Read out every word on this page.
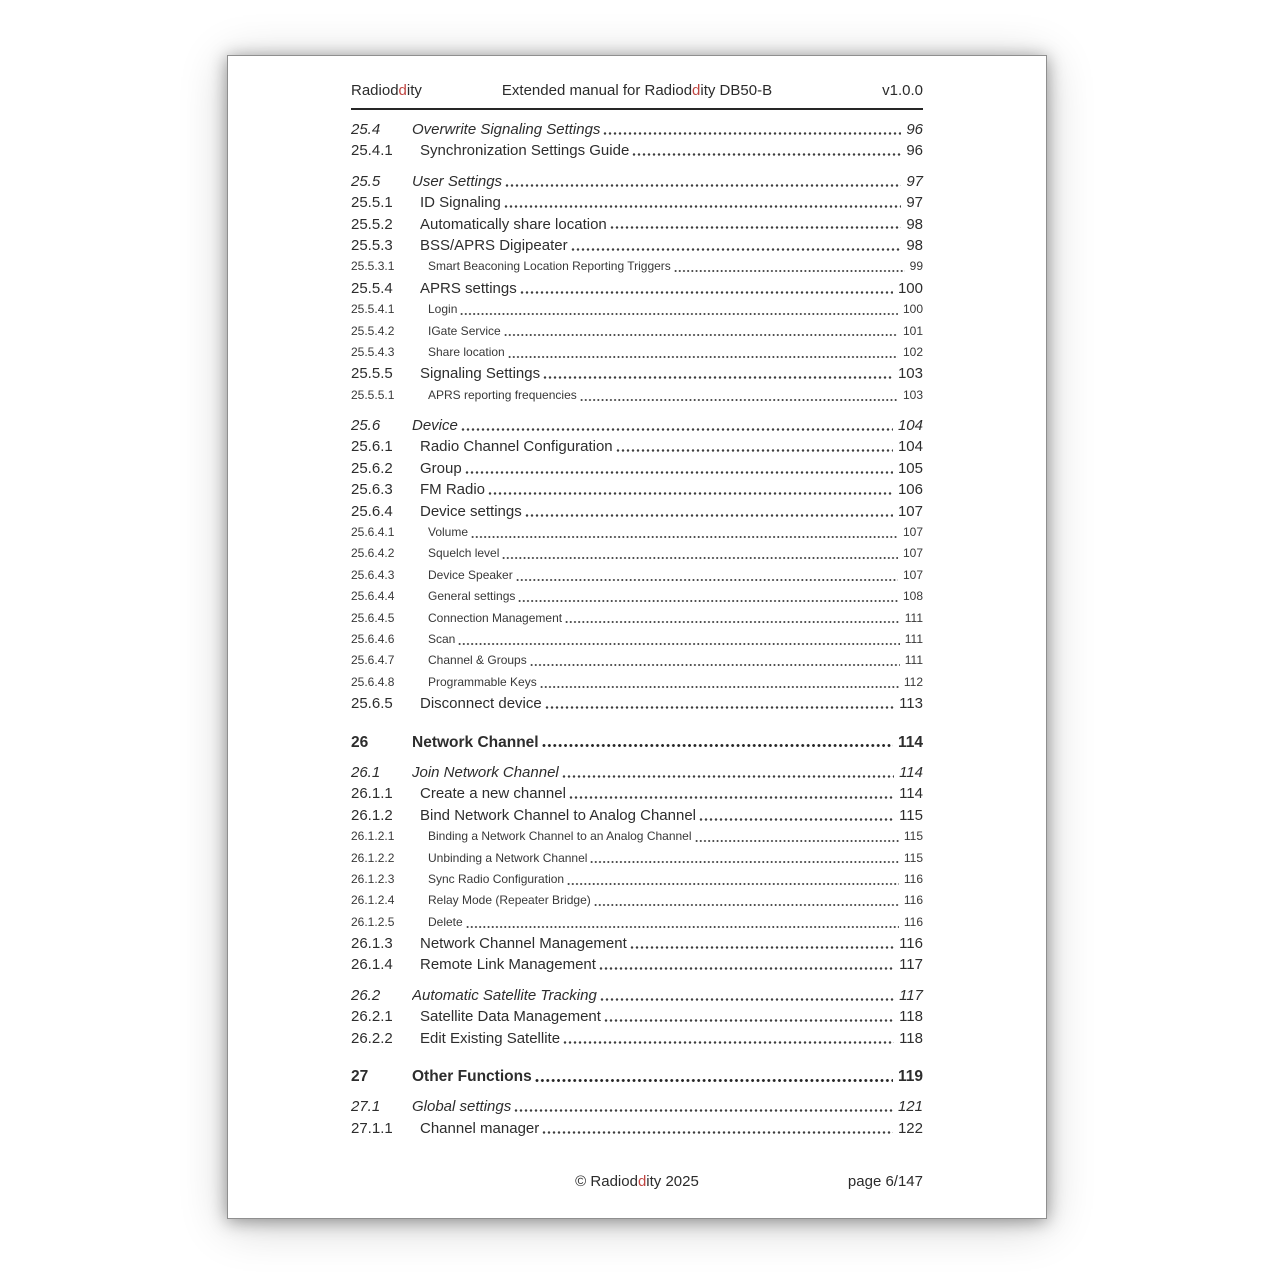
Radioddity	Extended manual for Radioddity DB50-B	v1.0.0
25.4	Overwrite Signaling Settings	96
25.4.1	Synchronization Settings Guide	96
25.5	User Settings	97
25.5.1	ID Signaling	97
25.5.2	Automatically share location	98
25.5.3	BSS/APRS Digipeater	98
25.5.3.1	Smart Beaconing Location Reporting Triggers	99
25.5.4	APRS settings	100
25.5.4.1	Login	100
25.5.4.2	IGate Service	101
25.5.4.3	Share location	102
25.5.5	Signaling Settings	103
25.5.5.1	APRS reporting frequencies	103
25.6	Device	104
25.6.1	Radio Channel Configuration	104
25.6.2	Group	105
25.6.3	FM Radio	106
25.6.4	Device settings	107
25.6.4.1	Volume	107
25.6.4.2	Squelch level	107
25.6.4.3	Device Speaker	107
25.6.4.4	General settings	108
25.6.4.5	Connection Management	111
25.6.4.6	Scan	111
25.6.4.7	Channel & Groups	111
25.6.4.8	Programmable Keys	112
25.6.5	Disconnect device	113
26	Network Channel	114
26.1	Join Network Channel	114
26.1.1	Create a new channel	114
26.1.2	Bind Network Channel to Analog Channel	115
26.1.2.1	Binding a Network Channel to an Analog Channel	115
26.1.2.2	Unbinding a Network Channel	115
26.1.2.3	Sync Radio Configuration	116
26.1.2.4	Relay Mode (Repeater Bridge)	116
26.1.2.5	Delete	116
26.1.3	Network Channel Management	116
26.1.4	Remote Link Management	117
26.2	Automatic Satellite Tracking	117
26.2.1	Satellite Data Management	118
26.2.2	Edit Existing Satellite	118
27	Other Functions	119
27.1	Global settings	121
27.1.1	Channel manager	122
© Radioddity 2025	page 6/147
